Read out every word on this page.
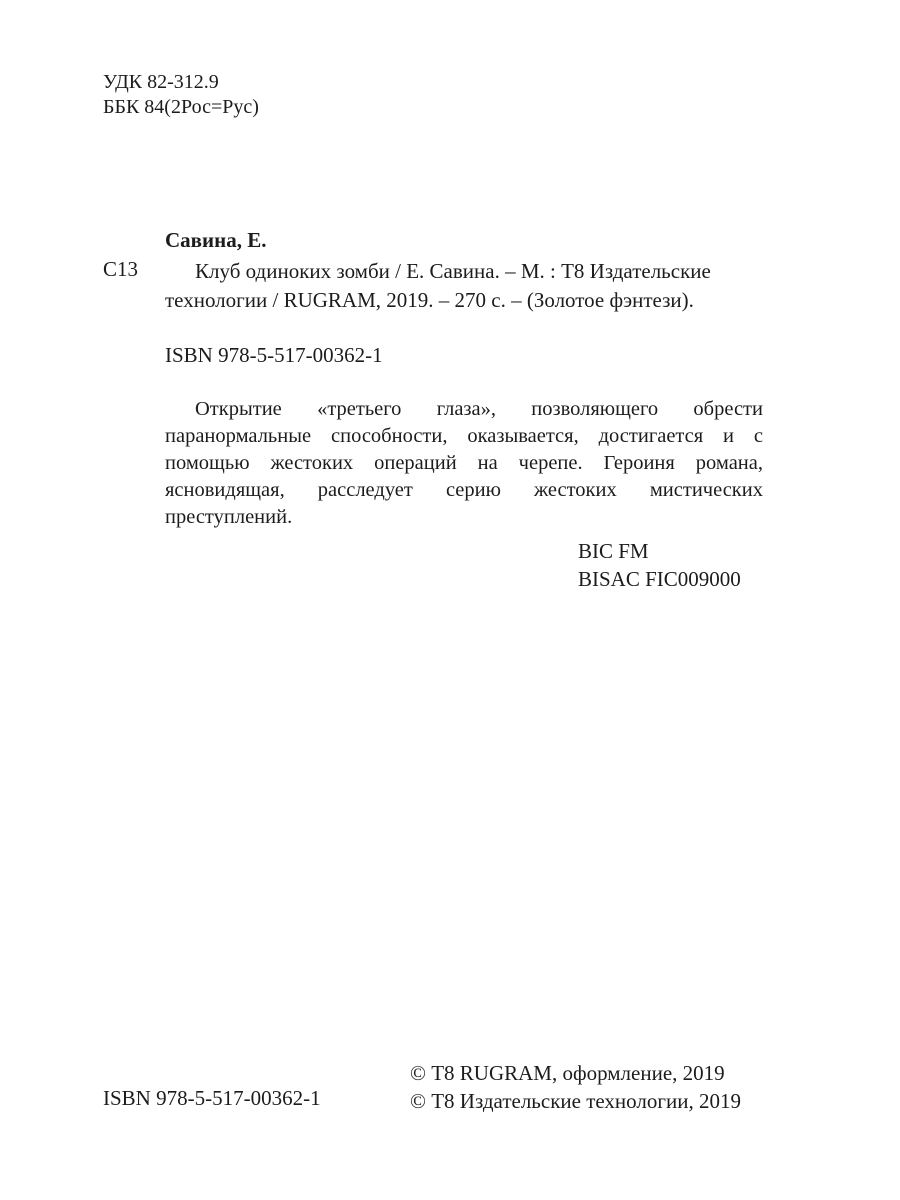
УДК 82-312.9
ББК 84(2Рос=Рус)
Савина, Е.
С13	Клуб одиноких зомби / Е. Савина. – М. : Т8 Издательские
технологии / RUGRAM, 2019. – 270 с. – (Золотое фэнтези).
ISBN 978-5-517-00362-1
Открытие «третьего глаза», позволяющего обрести паранормальные способности, оказывается, достигается и с помощью жестоких операций на черепе. Героиня романа, ясновидящая, расследует серию жестоких мистических преступлений.
BIC FM
BISAC FIC009000
ISBN 978-5-517-00362-1
© Т8 RUGRAM, оформление, 2019
© Т8 Издательские технологии, 2019
